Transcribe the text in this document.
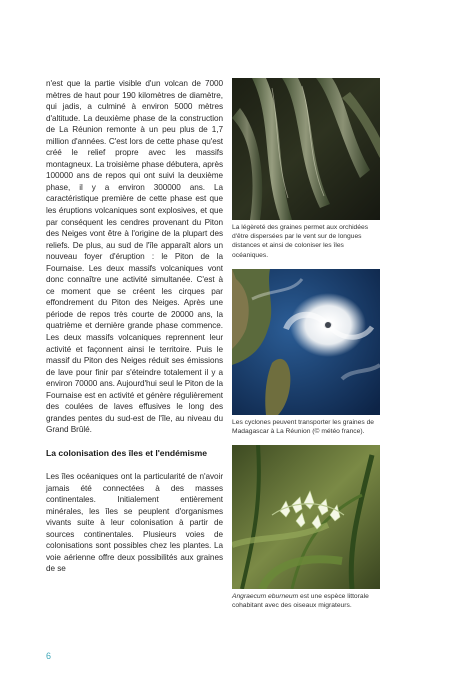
n'est que la partie visible d'un volcan de 7000 mètres de haut pour 190 kilomètres de diamètre, qui jadis, a culminé à environ 5000 mètres d'altitude. La deuxième phase de la construction de La Réunion remonte à un peu plus de 1,7 million d'années. C'est lors de cette phase qu'est créé le relief propre avec les massifs montagneux. La troisième phase débutera, après 100000 ans de repos qui ont suivi la deuxième phase, il y a environ 300000 ans. La caractéristique première de cette phase est que les éruptions volcaniques sont explosives, et que par conséquent les cendres provenant du Piton des Neiges vont être à l'origine de la plupart des reliefs. De plus, au sud de l'île apparaît alors un nouveau foyer d'éruption : le Piton de la Fournaise. Les deux massifs volcaniques vont donc connaître une activité simultanée. C'est à ce moment que se créent les cirques par effondrement du Piton des Neiges. Après une période de repos très courte de 20000 ans, la quatrième et dernière grande phase commence. Les deux massifs volcaniques reprennent leur activité et façonnent ainsi le territoire. Puis le massif du Piton des Neiges réduit ses émissions de lave pour finir par s'éteindre totalement il y a environ 70000 ans. Aujourd'hui seul le Piton de la Fournaise est en activité et génère régulièrement des coulées de laves effusives le long des grandes pentes du sud-est de l'île, au niveau du Grand Brûlé.

La colonisation des îles et l'endémisme

Les îles océaniques ont la particularité de n'avoir jamais été connectées à des masses continentales. Initialement entièrement minérales, les îles se peuplent d'organismes vivants suite à leur colonisation à partir de sources continentales. Plusieurs voies de colonisations sont possibles chez les plantes. La voie aérienne offre deux possibilités aux graines de se

La légèreté des graines permet aux orchidées d'être dispersées par le vent sur de longues distances et ainsi de coloniser les îles océaniques.

Les cyclones peuvent transporter les graines de Madagascar à La Réunion (© météo france).

Angraecum eburneum est une espèce littorale cohabitant avec des oiseaux migrateurs.

6
